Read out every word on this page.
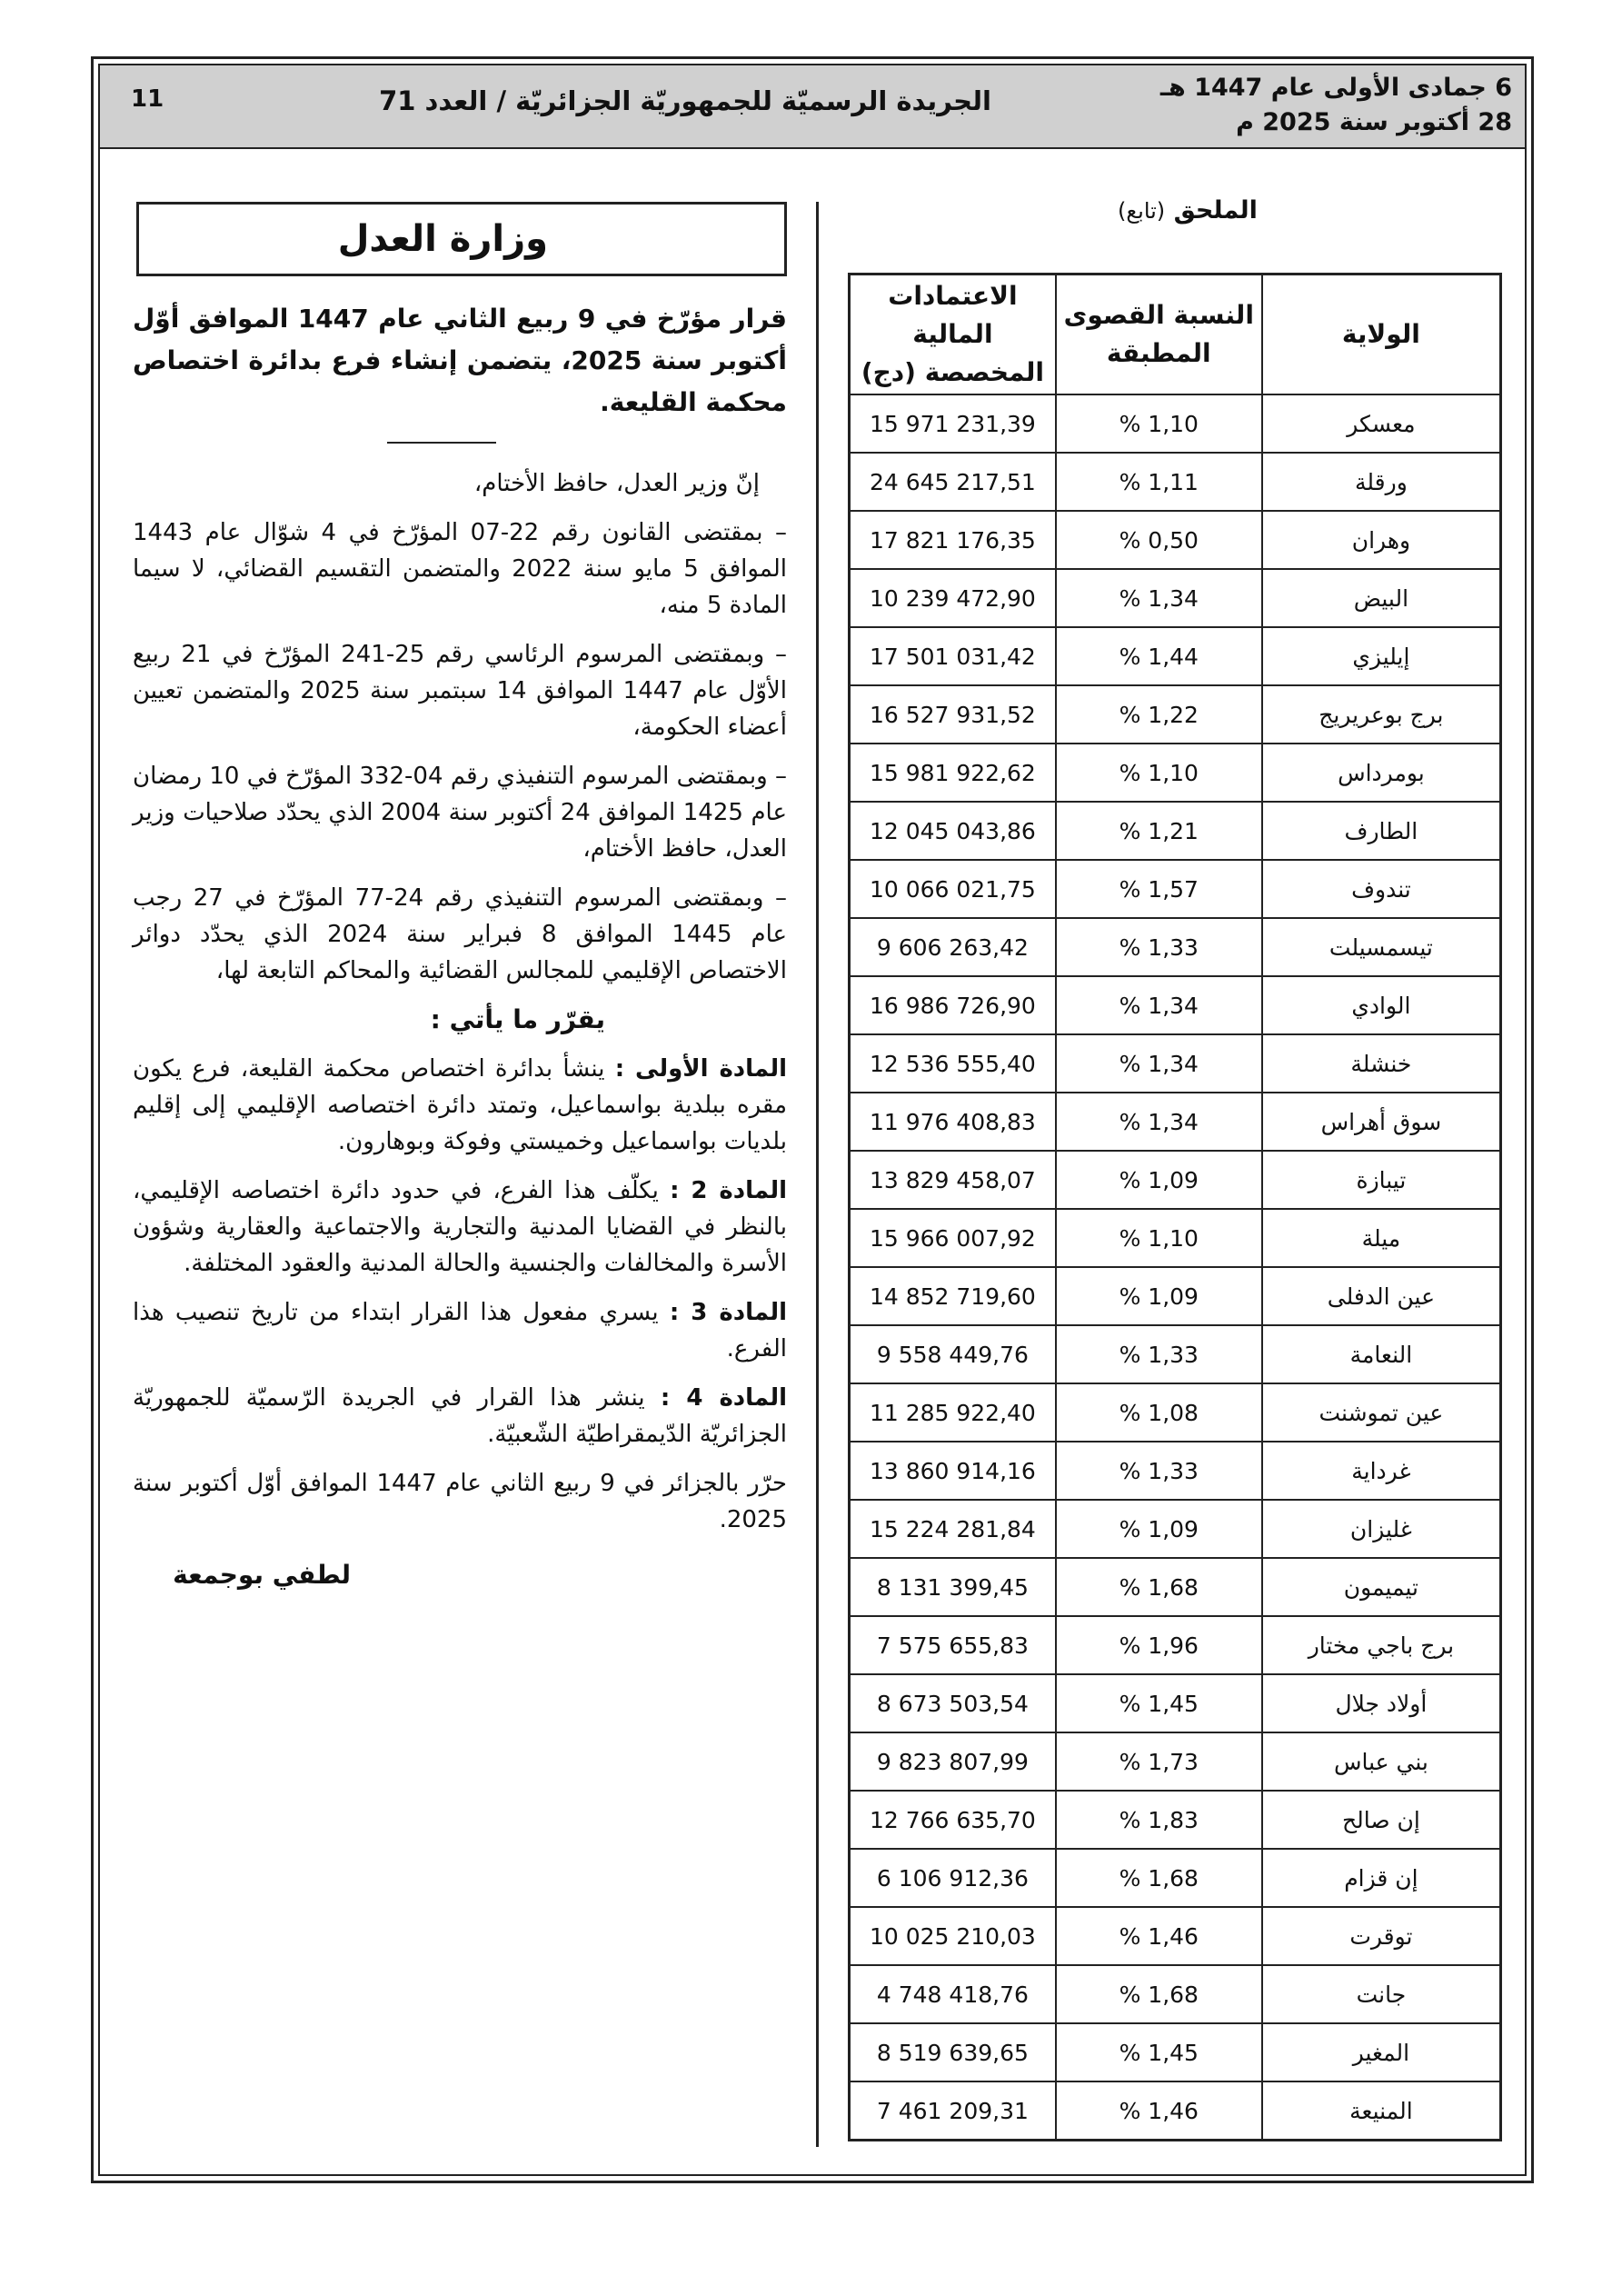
6 جمادى الأولى عام 1447 هـ
28 أكتوبر سنة 2025 م
الجريدة الرسميّة للجمهوريّة الجزائريّة / العدد 71
11
الملحق (تابع)
الولاية	النسبة القصوى المطبقة	الاعتمادات المالية المخصصة (دج)
معسكر	% 1,10	15 971 231,39
ورقلة	% 1,11	24 645 217,51
وهران	% 0,50	17 821 176,35
البيض	% 1,34	10 239 472,90
إيليزي	% 1,44	17 501 031,42
برج بوعريريج	% 1,22	16 527 931,52
بومرداس	% 1,10	15 981 922,62
الطارف	% 1,21	12 045 043,86
تندوف	% 1,57	10 066 021,75
تيسمسيلت	% 1,33	9 606 263,42
الوادي	% 1,34	16 986 726,90
خنشلة	% 1,34	12 536 555,40
سوق أهراس	% 1,34	11 976 408,83
تيبازة	% 1,09	13 829 458,07
ميلة	% 1,10	15 966 007,92
عين الدفلى	% 1,09	14 852 719,60
النعامة	% 1,33	9 558 449,76
عين تموشنت	% 1,08	11 285 922,40
غرداية	% 1,33	13 860 914,16
غليزان	% 1,09	15 224 281,84
تيميمون	% 1,68	8 131 399,45
برج باجي مختار	% 1,96	7 575 655,83
أولاد جلال	% 1,45	8 673 503,54
بني عباس	% 1,73	9 823 807,99
إن صالح	% 1,83	12 766 635,70
إن قزام	% 1,68	6 106 912,36
توقرت	% 1,46	10 025 210,03
جانت	% 1,68	4 748 418,76
المغير	% 1,45	8 519 639,65
المنيعة	% 1,46	7 461 209,31
وزارة العدل
قرار مؤرّخ في 9 ربيع الثاني عام 1447 الموافق أوّل أكتوبر سنة 2025، يتضمن إنشاء فرع بدائرة اختصاص محكمة القليعة.

إنّ وزير العدل، حافظ الأختام،

– بمقتضى القانون رقم 22-07 المؤرّخ في 4 شوّال عام 1443 الموافق 5 مايو سنة 2022 والمتضمن التقسيم القضائي، لا سيما المادة 5 منه،

– وبمقتضى المرسوم الرئاسي رقم 25-241 المؤرّخ في 21 ربيع الأوّل عام 1447 الموافق 14 سبتمبر سنة 2025 والمتضمن تعيين أعضاء الحكومة،

– وبمقتضى المرسوم التنفيذي رقم 04-332 المؤرّخ في 10 رمضان عام 1425 الموافق 24 أكتوبر سنة 2004 الذي يحدّد صلاحيات وزير العدل، حافظ الأختام،

– وبمقتضى المرسوم التنفيذي رقم 24-77 المؤرّخ في 27 رجب عام 1445 الموافق 8 فبراير سنة 2024 الذي يحدّد دوائر الاختصاص الإقليمي للمجالس القضائية والمحاكم التابعة لها،

يقرّر ما يأتي :

المادة الأولى : ينشأ بدائرة اختصاص محكمة القليعة، فرع يكون مقره ببلدية بواسماعيل، وتمتد دائرة اختصاصه الإقليمي إلى إقليم بلديات بواسماعيل وخميستي وفوكة وبوهارون.

المادة 2 : يكلّف هذا الفرع، في حدود دائرة اختصاصه الإقليمي، بالنظر في القضايا المدنية والتجارية والاجتماعية والعقارية وشؤون الأسرة والمخالفات والجنسية والحالة المدنية والعقود المختلفة.

المادة 3 : يسري مفعول هذا القرار ابتداء من تاريخ تنصيب هذا الفرع.

المادة 4 : ينشر هذا القرار في الجريدة الرّسميّة للجمهوريّة الجزائريّة الدّيمقراطيّة الشّعبيّة.

حرّر بالجزائر في 9 ربيع الثاني عام 1447 الموافق أوّل أكتوبر سنة 2025.

لطفي بوجمعة
